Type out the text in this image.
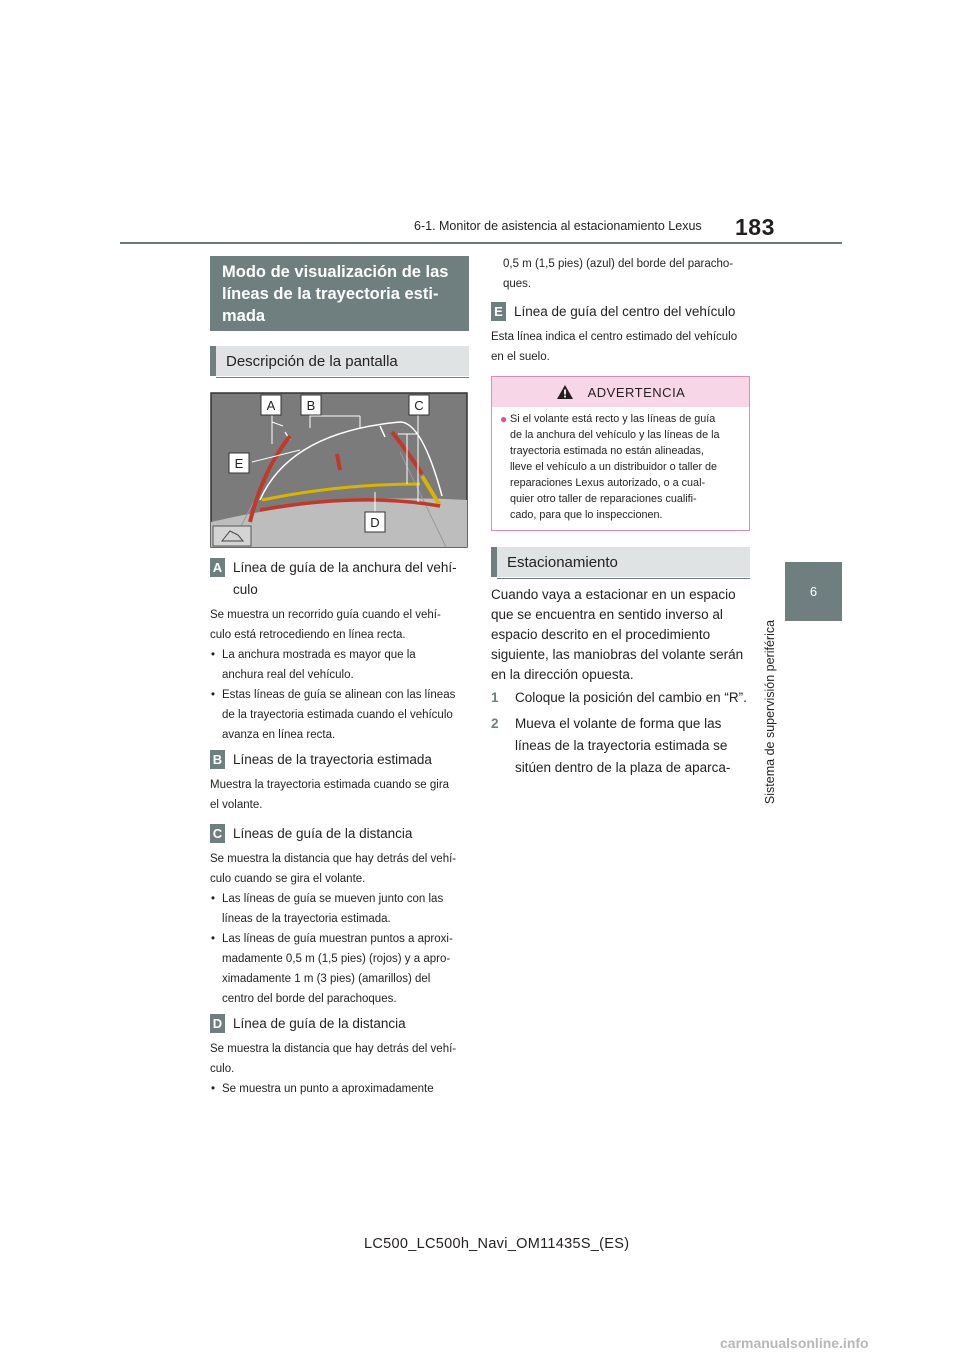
6-1. Monitor de asistencia al estacionamiento Lexus 183
6
Sistema de supervisión periférica
Modo de visualización de las líneas de la trayectoria esti-mada
Descripción de la pantalla
A B	C
D
E
A Línea de guía de la anchura del vehí-
culo
Se muestra un recorrido guía cuando el vehí-
culo está retrocediendo en línea recta.
• La anchura mostrada es mayor que la
anchura real del vehículo.
• Estas líneas de guía se alinean con las líneas
de la trayectoria estimada cuando el vehículo
avanza en línea recta.
B Líneas de la trayectoria estimada
Muestra la trayectoria estimada cuando se gira
el volante.
C Líneas de guía de la distancia
Se muestra la distancia que hay detrás del vehí-
culo cuando se gira el volante.
• Las líneas de guía se mueven junto con las
líneas de la trayectoria estimada.
• Las líneas de guía muestran puntos a aproxi-
madamente 0,5 m (1,5 pies) (rojos) y a apro-
ximadamente 1 m (3 pies) (amarillos) del
centro del borde del parachoques.
D Línea de guía de la distancia
Se muestra la distancia que hay detrás del vehí-
culo.
• Se muestra un punto a aproximadamente
0,5 m (1,5 pies) (azul) del borde del paracho-
ques.
E Línea de guía del centro del vehículo
Esta línea indica el centro estimado del vehículo
en el suelo.
ADVERTENCIA
● Si el volante está recto y las líneas de guía
de la anchura del vehículo y las líneas de la
trayectoria estimada no están alineadas,
lleve el vehículo a un distribuidor o taller de
reparaciones Lexus autorizado, o a cual-
quier otro taller de reparaciones cualifi-
cado, para que lo inspeccionen.
Estacionamiento
Cuando vaya a estacionar en un espacio
que se encuentra en sentido inverso al
espacio descrito en el procedimiento
siguiente, las maniobras del volante serán
en la dirección opuesta.
1	Coloque la posición del cambio en “R”.
2 Mueva el volante de forma que las
líneas de la trayectoria estimada se
sitúen dentro de la plaza de aparca-
LC500_LC500h_Navi_OM11435S_(ES)
carmanualsonline.info
